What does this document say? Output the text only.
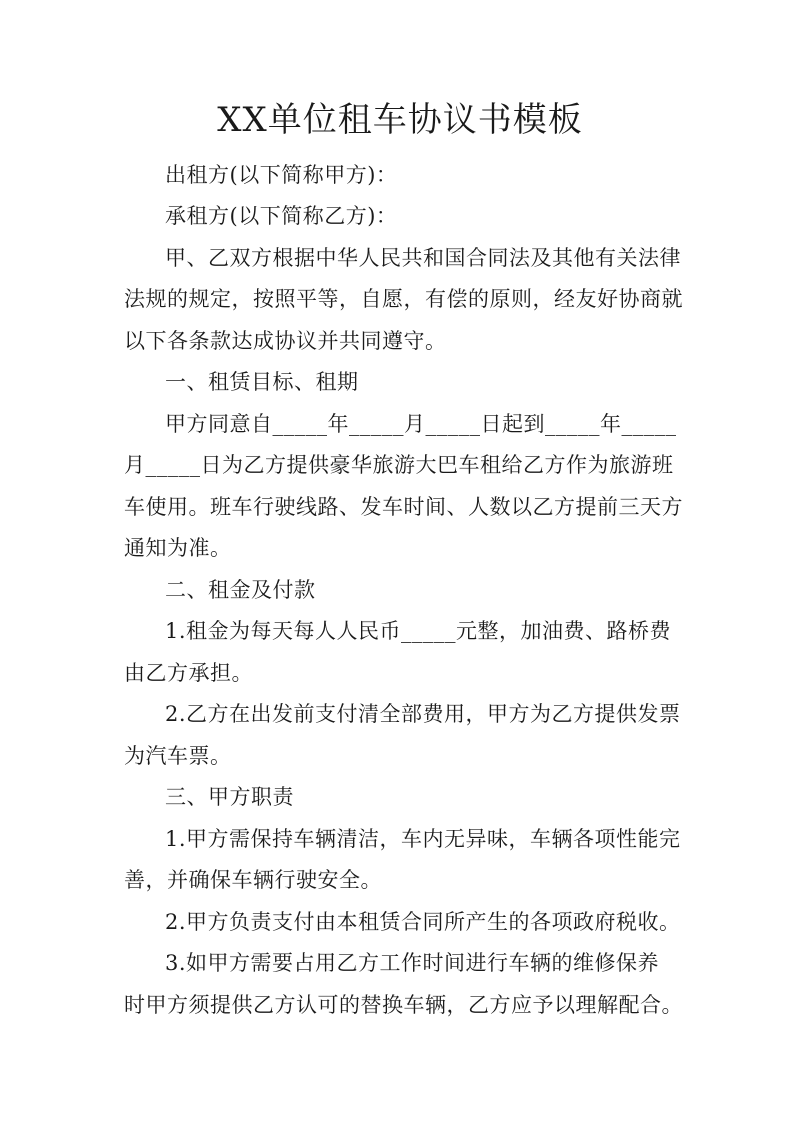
XX单位租车协议书模板
出租方(以下简称甲方)：
承租方(以下简称乙方)：
甲、乙双方根据中华人民共和国合同法及其他有关法律
法规的规定，按照平等，自愿，有偿的原则，经友好协商就
以下各条款达成协议并共同遵守。
一、租赁目标、租期
甲方同意自_____年_____月_____日起到_____年_____
月_____日为乙方提供豪华旅游大巴车租给乙方作为旅游班
车使用。班车行驶线路、发车时间、人数以乙方提前三天方
通知为准。
二、租金及付款
1.租金为每天每人人民币_____元整，加油费、路桥费
由乙方承担。
2.乙方在出发前支付清全部费用，甲方为乙方提供发票
为汽车票。
三、甲方职责
1.甲方需保持车辆清洁，车内无异味，车辆各项性能完
善，并确保车辆行驶安全。
2.甲方负责支付由本租赁合同所产生的各项政府税收。
3.如甲方需要占用乙方工作时间进行车辆的维修保养
时甲方须提供乙方认可的替换车辆，乙方应予以理解配合。
